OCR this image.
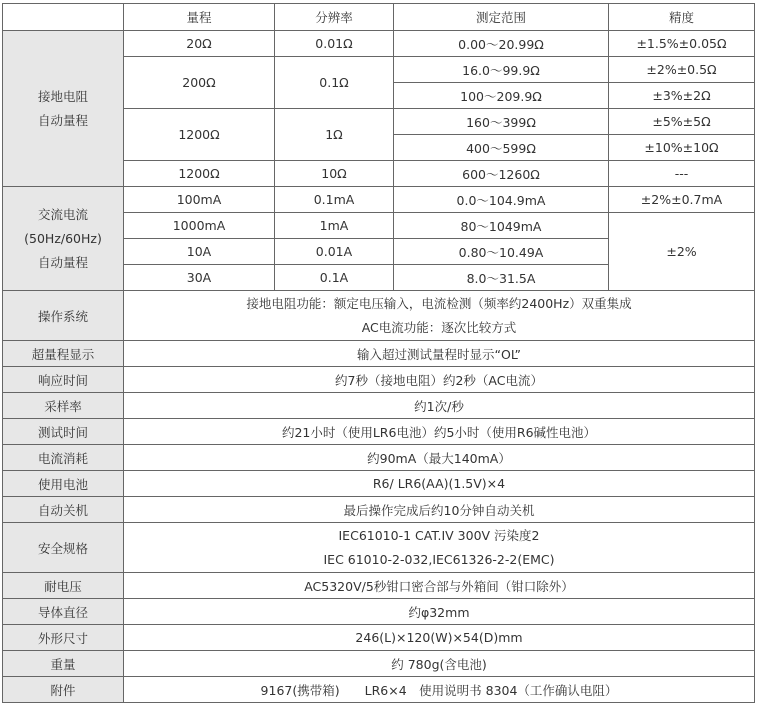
	量程	分辨率	测定范围	精度

接地电阻
自动量程	20Ω	0.01Ω	0.00～20.99Ω	±1.5%±0.05Ω
	200Ω	0.1Ω	16.0～99.9Ω	±2%±0.5Ω
			100～209.9Ω	±3%±2Ω
	1200Ω	1Ω	160～399Ω	±5%±5Ω
			400～599Ω	±10%±10Ω
	1200Ω	10Ω	600～1260Ω	---

交流电流
(50Hz/60Hz)
自动量程	100mA	0.1mA	0.0～104.9mA	±2%±0.7mA
	1000mA	1mA	80～1049mA	±2%
	10A	0.01A	0.80～10.49A	
	30A	0.1A	8.0～31.5A	
操作系统	接地电阻功能：额定电压输入，电流检测（频率约2400Hz）双重集成
AC电流功能：逐次比较方式			

超量程显示	输入超过测试量程时显示“OL”			
响应时间	约7秒（接地电阻）约2秒（AC电流）			
采样率	约1次/秒			
测试时间	约21小时（使用LR6电池）约5小时（使用R6碱性电池）			
电流消耗	约90mA（最大140mA）			
使用电池	R6/ LR6(AA)(1.5V)×4			
自动关机	最后操作完成后约10分钟自动关机			
安全规格	IEC61010-1 CAT.IV 300V 污染度2
IEC 61010-2-032,IEC61326-2-2(EMC)			

耐电压	AC5320V/5秒钳口密合部与外箱间（钳口除外）			
导体直径	约φ32mm			
外形尺寸	246(L)×120(W)×54(D)mm			
重量	约 780g(含电池)			
附件	9167(携带箱)　　LR6×4　使用说明书 8304（工作确认电阻）			
